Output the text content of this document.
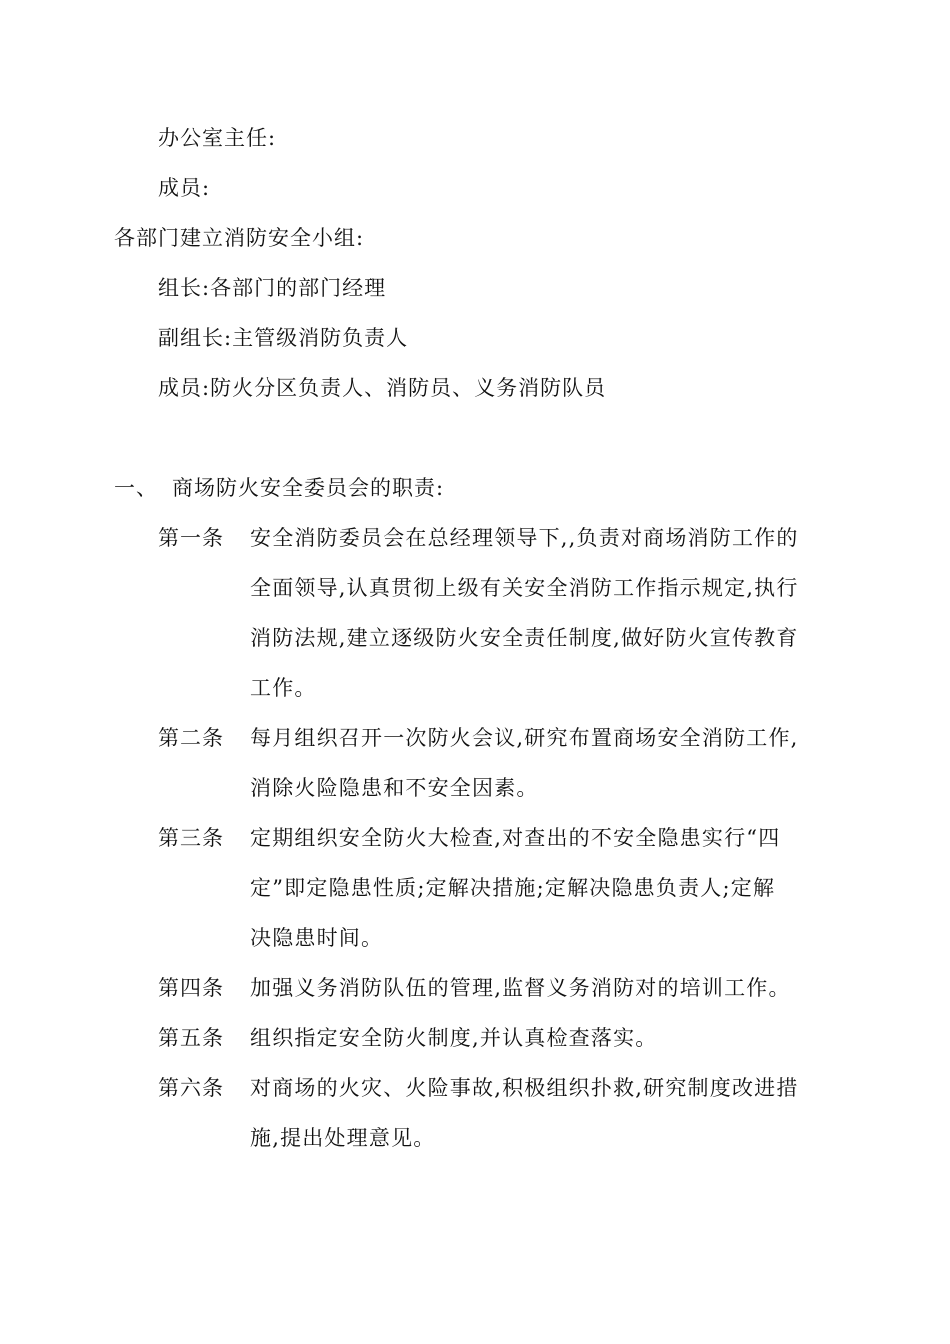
办公室主任:
成员:
各部门建立消防安全小组:
组长:各部门的部门经理
副组长:主管级消防负责人
成员:防火分区负责人、消防员、义务消防队员
一、 商场防火安全委员会的职责:
第一条 安全消防委员会在总经理领导下,,负责对商场消防工作的
全面领导,认真贯彻上级有关安全消防工作指示规定,执行
消防法规,建立逐级防火安全责任制度,做好防火宣传教育
工作。
第二条 每月组织召开一次防火会议,研究布置商场安全消防工作,
消除火险隐患和不安全因素。
第三条 定期组织安全防火大检查,对查出的不安全隐患实行“四
定”即定隐患性质;定解决措施;定解决隐患负责人;定解
决隐患时间。
第四条 加强义务消防队伍的管理,监督义务消防对的培训工作。
第五条 组织指定安全防火制度,并认真检查落实。
第六条 对商场的火灾、火险事故,积极组织扑救,研究制度改进措
施,提出处理意见。
